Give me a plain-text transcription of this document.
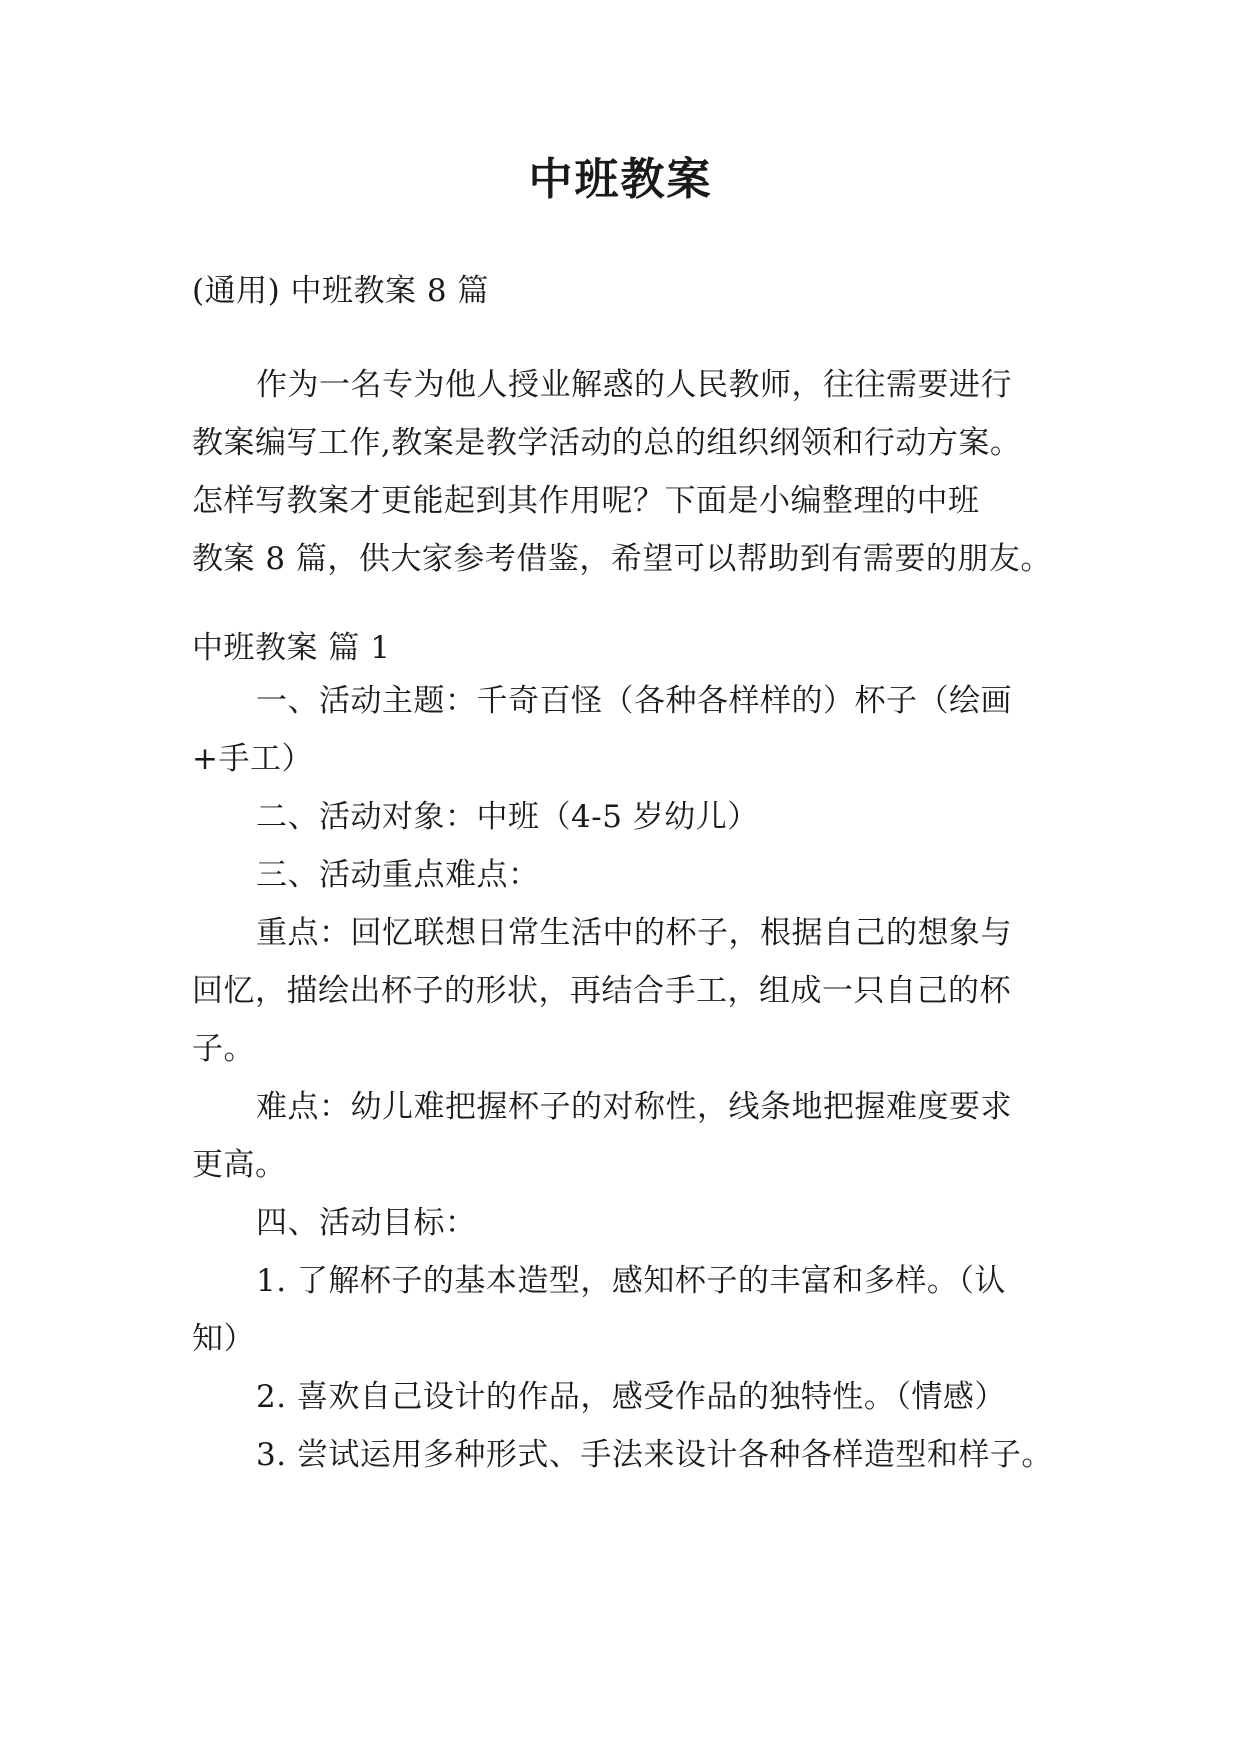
中班教案
(通用) 中班教案 8 篇
作为一名专为他人授业解惑的人民教师，往往需要进行
教案编写工作,教案是教学活动的总的组织纲领和行动方案。
怎样写教案才更能起到其作用呢？下面是小编整理的中班
教案 8 篇，供大家参考借鉴，希望可以帮助到有需要的朋友。
中班教案 篇 1
一、活动主题：千奇百怪（各种各样样的）杯子（绘画
+手工）
二、活动对象：中班（4-5 岁幼儿）
三、活动重点难点：
重点：回忆联想日常生活中的杯子，根据自己的想象与
回忆，描绘出杯子的形状，再结合手工，组成一只自己的杯
子。
难点：幼儿难把握杯子的对称性，线条地把握难度要求
更高。
四、活动目标：
1. 了解杯子的基本造型，感知杯子的丰富和多样。（认
知）
2. 喜欢自己设计的作品，感受作品的独特性。（情感）
3. 尝试运用多种形式、手法来设计各种各样造型和样子。
